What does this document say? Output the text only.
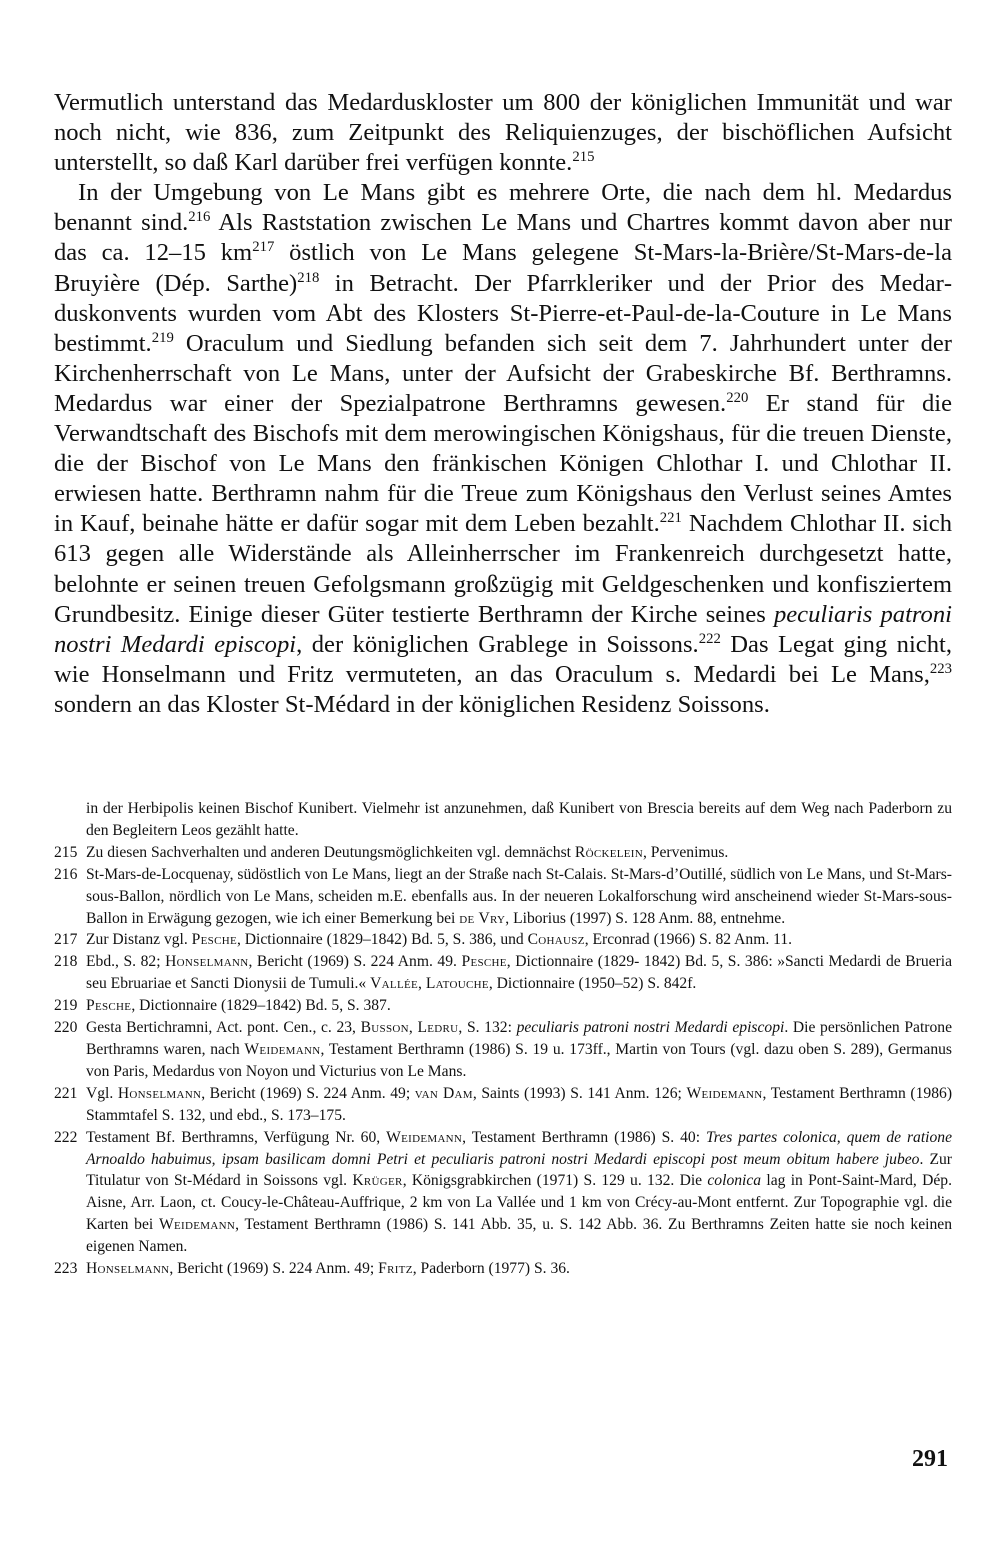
Vermutlich unterstand das Medarduskloster um 800 der königlichen Immunität und war noch nicht, wie 836, zum Zeitpunkt des Reliquienzuges, der bischöflichen Aufsicht unterstellt, so daß Karl darüber frei verfügen konnte.$^{215}$

In der Umgebung von Le Mans gibt es mehrere Orte, die nach dem hl. Medardus benannt sind.$^{216}$ Als Raststation zwischen Le Mans und Chartres kommt davon aber nur das ca. 12–15 $km^{217}$ östlich von Le Mans gelegene St-Mars-la-Brière/St-Mars-de-la Bruyière (Dép. Sarthe)$^{218}$ in Betracht. Der Pfarrkleriker und der Prior des Medarduskonvents wurden vom Abt des Klosters St-Pierre-et-Paul-de-la-Couture in Le Mans bestimmt.$^{219}$ Oraculum und Siedlung befanden sich seit dem 7. Jahrhundert unter der Kirchenherrschaft von Le Mans, unter der Aufsicht der Grabeskirche Bf. Berthramns. Medardus war einer der Spezialpatrone Berthramns gewesen.$^{220}$ Er stand für die Verwandtschaft des Bischofs mit dem merowingischen Königshaus, für die treuen Dienste, die der Bischof von Le Mans den fränkischen Königen Chlothar I. und Chlothar II. erwiesen hatte. Berthramn nahm für die Treue zum Königshaus den Verlust seines Amtes in Kauf, beinahe hätte er dafür sogar mit dem Leben bezahlt.$^{221}$ Nachdem Chlothar II. sich 613 gegen alle Widerstände als Alleinherrscher im Frankenreich durchgesetzt hatte, belohnte er seinen treuen Gefolgsmann großzügig mit Geldgeschenken und konfisziertem Grundbesitz. Einige dieser Güter testierte Berthramn der Kirche seines peculiaris patroni nostri Medardi episcopi, der königlichen Grablege in Soissons.$^{222}$ Das Legat ging nicht, wie Honselmann und Fritz vermuteten, an das Oraculum s. Medardi bei Le Mans,$^{223}$ sondern an das Kloster St-Médard in der königlichen Residenz Soissons.

in der Herbipolis keinen Bischof Kunibert. Vielmehr ist anzunehmen, daß Kunibert von Brescia bereits auf dem Weg nach Paderborn zu den Begleitern Leos gezählt hatte.
215 Zu diesen Sachverhalten und anderen Deutungsmöglichkeiten vgl. demnächst Röckelein, Pervenimus.
216 St-Mars-de-Locquenay, südöstlich von Le Mans, liegt an der Straße nach St-Calais. St-Mars-d’Outillé, südlich von Le Mans, und St-Mars-sous-Ballon, nördlich von Le Mans, scheiden m.E. ebenfalls aus. In der neueren Lokalforschung wird anscheinend wieder St-Mars-sous-Ballon in Erwägung gezogen, wie ich einer Bemerkung bei de Vry, Liborius (1997) S. 128 Anm. 88, entnehme.
217 Zur Distanz vgl. Pesche, Dictionnaire (1829–1842) Bd. 5, S. 386, und Cohausz, Erconrad (1966) S. 82 Anm. 11.
218 Ebd., S. 82; Honselmann, Bericht (1969) S. 224 Anm. 49. Pesche, Dictionnaire (1829- 1842) Bd. 5, S. 386: »Sancti Medardi de Brueria seu Ebruariae et Sancti Dionysii de Tumuli.« Vallée, Latouche, Dictionnaire (1950–52) S. 842f.
219 Pesche, Dictionnaire (1829–1842) Bd. 5, S. 387.
220 Gesta Bertichramni, Act. pont. Cen., c. 23, Busson, Ledru, S. 132: peculiaris patroni nostri Medardi episcopi. Die persönlichen Patrone Berthramns waren, nach Weidemann, Testament Berthramn (1986) S. 19 u. 173ff., Martin von Tours (vgl. dazu oben S. 289), Germanus von Paris, Medardus von Noyon und Victurius von Le Mans.
221 Vgl. Honselmann, Bericht (1969) S. 224 Anm. 49; van Dam, Saints (1993) S. 141 Anm. 126; Weidemann, Testament Berthramn (1986) Stammtafel S. 132, und ebd., S. 173–175.
222 Testament Bf. Berthramns, Verfügung Nr. 60, Weidemann, Testament Berthramn (1986) S. 40: Tres partes colonica, quem de ratione Arnoaldo habuimus, ipsam basilicam domni Petri et peculiaris patroni nostri Medardi episcopi post meum obitum habere jubeo. Zur Titulatur von St-Médard in Soissons vgl. Krüger, Königsgrabkirchen (1971) S. 129 u. 132. Die colonica lag in Pont-Saint-Mard, Dép. Aisne, Arr. Laon, ct. Coucy-le-Château-Auffrique, 2 km von La Vallée und 1 km von Crécy-au-Mont entfernt. Zur Topographie vgl. die Karten bei Weidemann, Testament Berthramn (1986) S. 141 Abb. 35, u. S. 142 Abb. 36. Zu Berthramns Zeiten hatte sie noch keinen eigenen Namen.
223 Honselmann, Bericht (1969) S. 224 Anm. 49; Fritz, Paderborn (1977) S. 36.
291
